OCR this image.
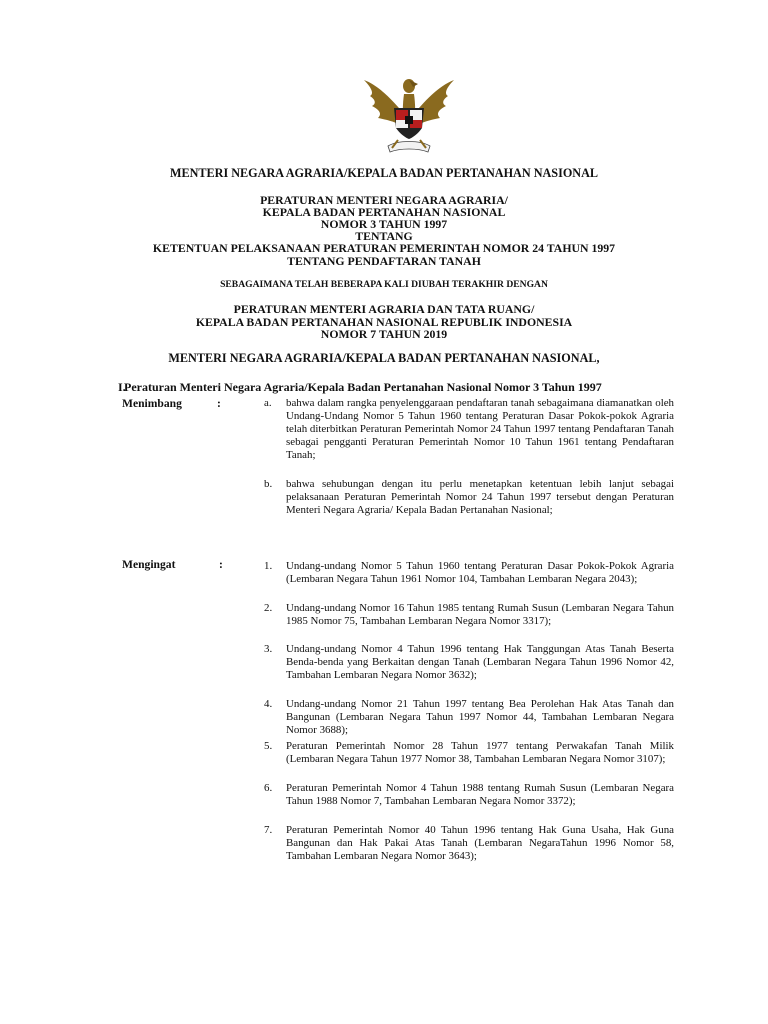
MENTERI NEGARA AGRARIA/KEPALA BADAN PERTANAHAN NASIONAL
PERATURAN MENTERI NEGARA AGRARIA/
KEPALA BADAN PERTANAHAN NASIONAL
NOMOR 3 TAHUN 1997
TENTANG
KETENTUAN PELAKSANAAN PERATURAN PEMERINTAH NOMOR 24 TAHUN 1997
TENTANG PENDAFTARAN TANAH
SEBAGAIMANA TELAH BEBERAPA KALI DIUBAH TERAKHIR DENGAN
PERATURAN MENTERI AGRARIA DAN TATA RUANG/
KEPALA BADAN PERTANAHAN NASIONAL REPUBLIK INDONESIA
NOMOR 7 TAHUN 2019
MENTERI NEGARA AGRARIA/KEPALA BADAN PERTANAHAN NASIONAL,
I.
Peraturan Menteri Negara Agraria/Kepala Badan Pertanahan Nasional Nomor 3 Tahun 1997
Menimbang	:	a. bahwa dalam rangka penyelenggaraan pendaftaran tanah sebagaimana diamanatkan oleh Undang-Undang Nomor 5 Tahun 1960 tentang Peraturan Dasar Pokok-pokok Agraria telah diterbitkan Peraturan Pemerintah Nomor 24 Tahun 1997 tentang Pendaftaran Tanah sebagai pengganti Peraturan Pemerintah Nomor 10 Tahun 1961 tentang Pendaftaran Tanah;
b. bahwa sehubungan dengan itu perlu menetapkan ketentuan lebih lanjut sebagai pelaksanaan Peraturan Pemerintah Nomor 24 Tahun 1997 tersebut dengan Peraturan Menteri Negara Agraria/ Kepala Badan Pertanahan Nasional;
Mengingat	:	1. Undang-undang Nomor 5 Tahun 1960 tentang Peraturan Dasar Pokok-Pokok Agraria (Lembaran Negara Tahun 1961 Nomor 104, Tambahan Lembaran Negara 2043);
2. Undang-undang Nomor 16 Tahun 1985 tentang Rumah Susun (Lembaran Negara Tahun 1985 Nomor 75, Tambahan Lembaran Negara Nomor 3317);
3. Undang-undang Nomor 4 Tahun 1996 tentang Hak Tanggungan Atas Tanah Beserta Benda-benda yang Berkaitan dengan Tanah (Lembaran Negara Tahun 1996 Nomor 42, Tambahan Lembaran Negara Nomor 3632);
4. Undang-undang Nomor 21 Tahun 1997 tentang Bea Perolehan Hak Atas Tanah dan Bangunan (Lembaran Negara Tahun 1997 Nomor 44, Tambahan Lembaran Negara Nomor 3688);
5. Peraturan Pemerintah Nomor 28 Tahun 1977 tentang Perwakafan Tanah Milik (Lembaran Negara Tahun 1977 Nomor 38, Tambahan Lembaran Negara Nomor 3107);
6. Peraturan Pemerintah Nomor 4 Tahun 1988 tentang Rumah Susun (Lembaran Negara Tahun 1988 Nomor 7, Tambahan Lembaran Negara Nomor 3372);
7. Peraturan Pemerintah Nomor 40 Tahun 1996 tentang Hak Guna Usaha, Hak Guna Bangunan dan Hak Pakai Atas Tanah (Lembaran NegaraTahun 1996 Nomor 58, Tambahan Lembaran Negara Nomor 3643);
